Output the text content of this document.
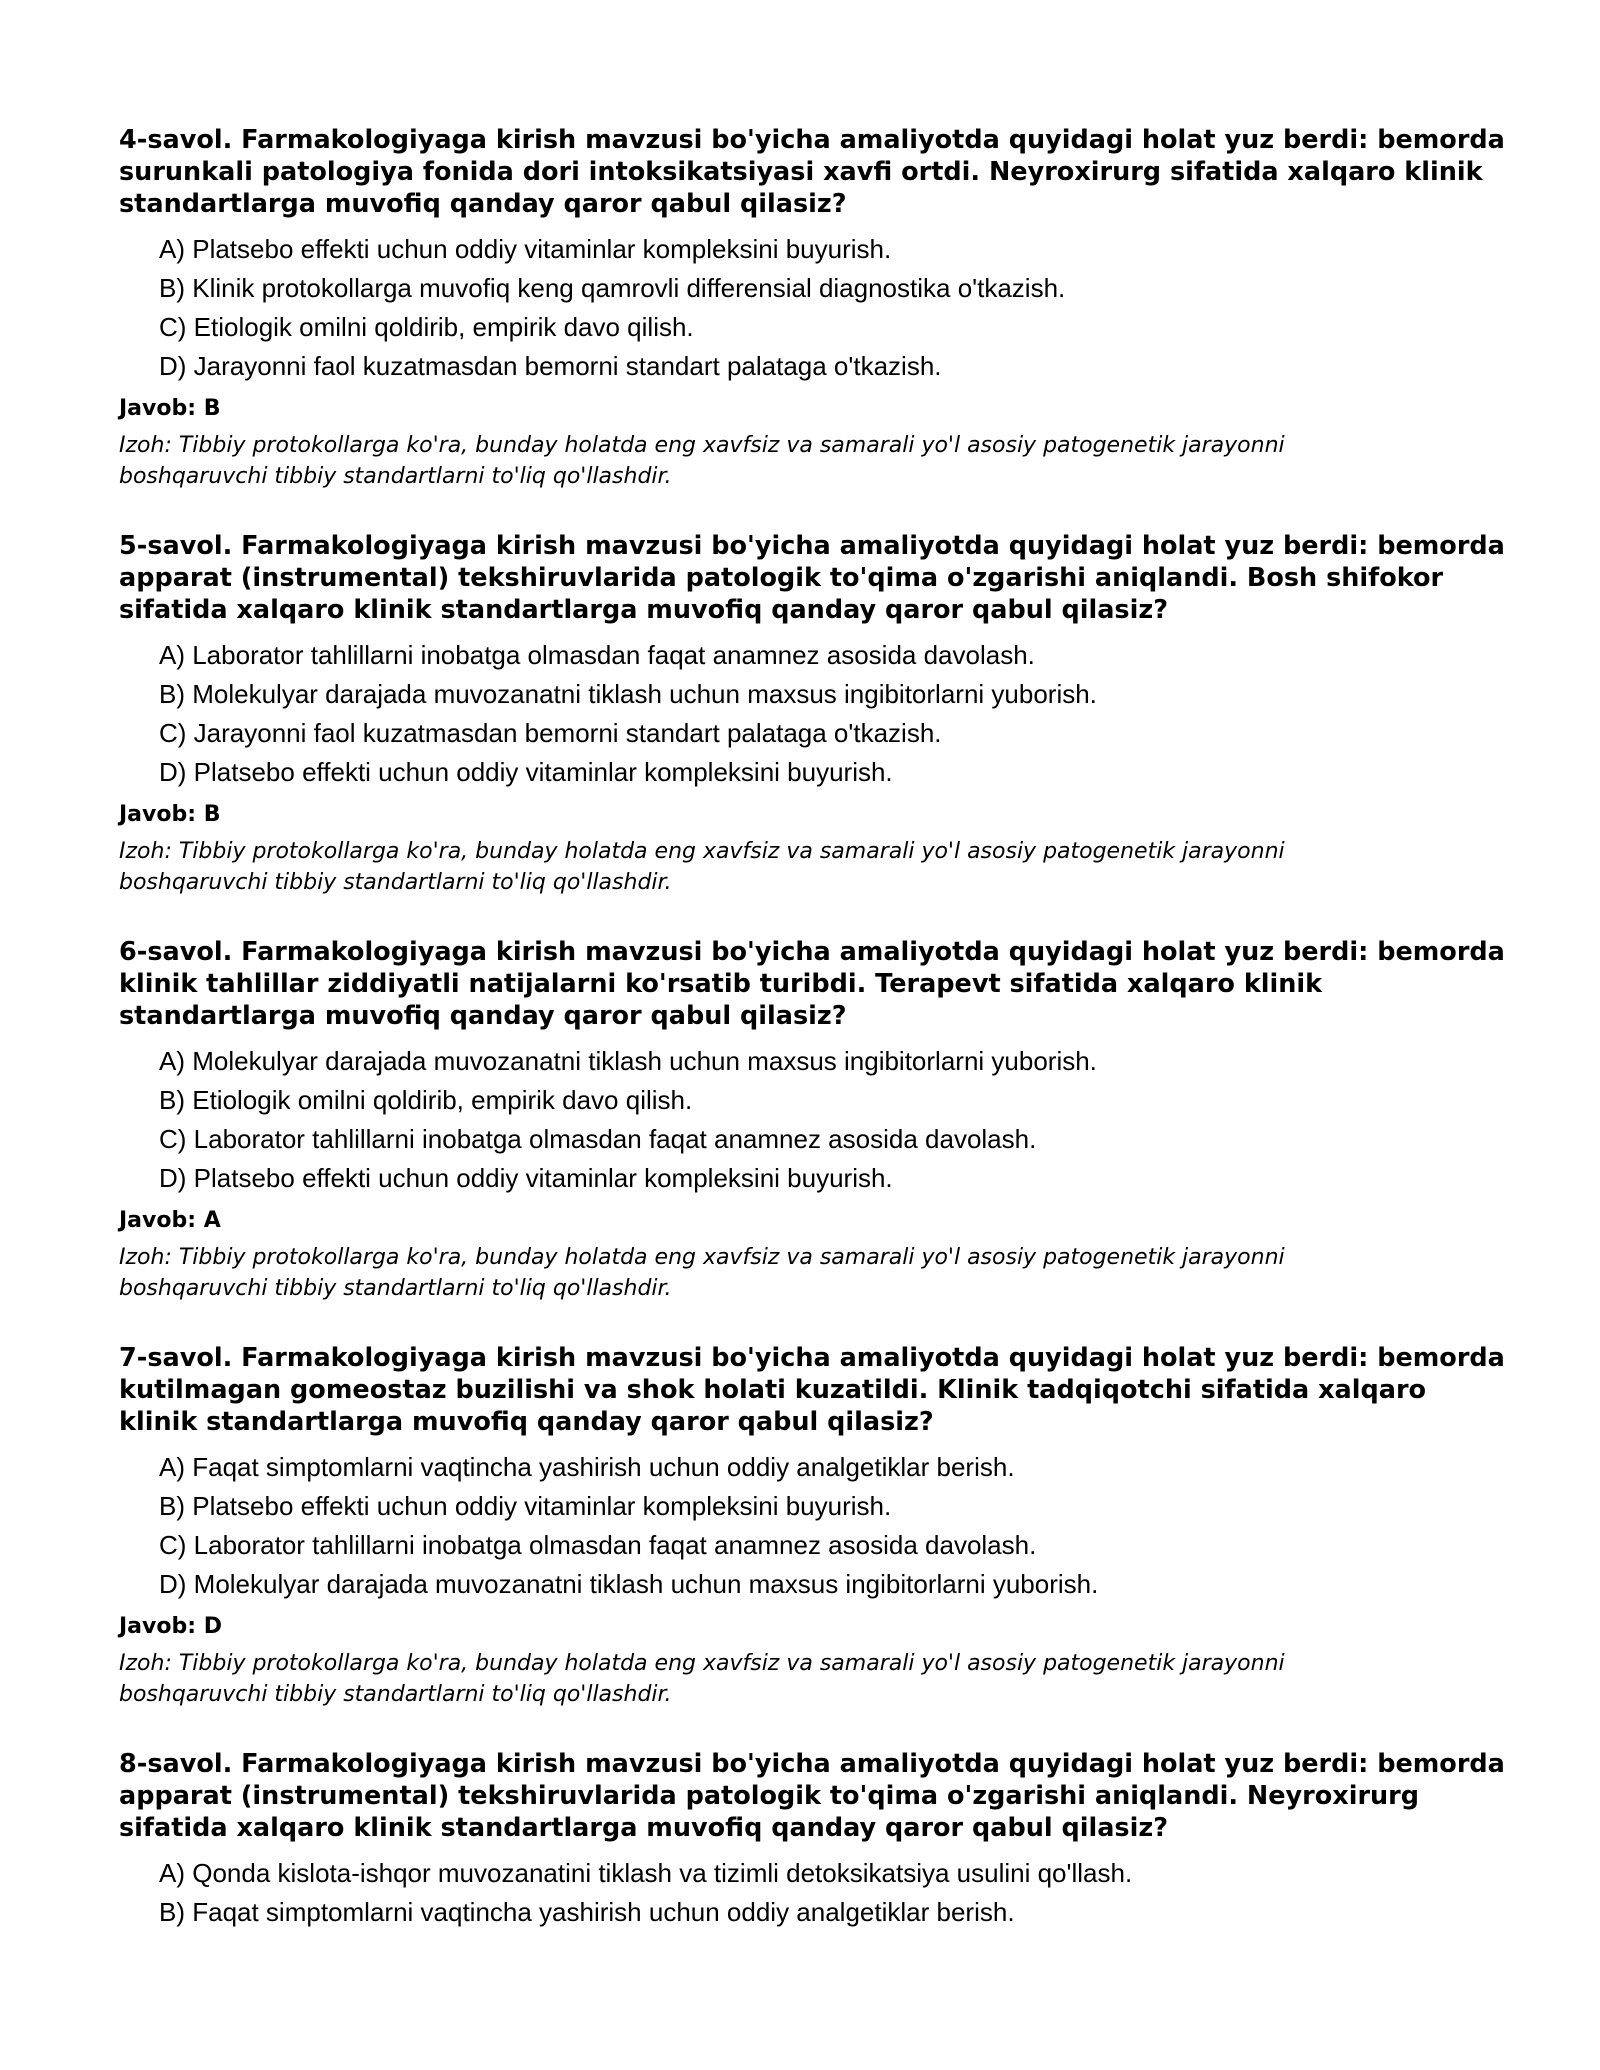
4-savol. Farmakologiyaga kirish mavzusi bo'yicha amaliyotda quyidagi holat yuz berdi: bemorda surunkali patologiya fonida dori intoksikatsiyasi xavfi ortdi. Neyroxirurg sifatida xalqaro klinik standartlarga muvofiq qanday qaror qabul qilasiz?

A) Platsebo effekti uchun oddiy vitaminlar kompleksini buyurish.
B) Klinik protokollarga muvofiq keng qamrovli differensial diagnostika o'tkazish.
C) Etiologik omilni qoldirib, empirik davo qilish.
D) Jarayonni faol kuzatmasdan bemorni standart palataga o'tkazish.

Javob: B

Izoh: Tibbiy protokollarga ko'ra, bunday holatda eng xavfsiz va samarali yo'l asosiy patogenetik jarayonni boshqaruvchi tibbiy standartlarni to'liq qo'llashdir.

5-savol. Farmakologiyaga kirish mavzusi bo'yicha amaliyotda quyidagi holat yuz berdi: bemorda apparat (instrumental) tekshiruvlarida patologik to'qima o'zgarishi aniqlandi. Bosh shifokor sifatida xalqaro klinik standartlarga muvofiq qanday qaror qabul qilasiz?

A) Laborator tahlillarni inobatga olmasdan faqat anamnez asosida davolash.
B) Molekulyar darajada muvozanatni tiklash uchun maxsus ingibitorlarni yuborish.
C) Jarayonni faol kuzatmasdan bemorni standart palataga o'tkazish.
D) Platsebo effekti uchun oddiy vitaminlar kompleksini buyurish.

Javob: B

Izoh: Tibbiy protokollarga ko'ra, bunday holatda eng xavfsiz va samarali yo'l asosiy patogenetik jarayonni boshqaruvchi tibbiy standartlarni to'liq qo'llashdir.

6-savol. Farmakologiyaga kirish mavzusi bo'yicha amaliyotda quyidagi holat yuz berdi: bemorda klinik tahlillar ziddiyatli natijalarni ko'rsatib turibdi. Terapevt sifatida xalqaro klinik standartlarga muvofiq qanday qaror qabul qilasiz?

A) Molekulyar darajada muvozanatni tiklash uchun maxsus ingibitorlarni yuborish.
B) Etiologik omilni qoldirib, empirik davo qilish.
C) Laborator tahlillarni inobatga olmasdan faqat anamnez asosida davolash.
D) Platsebo effekti uchun oddiy vitaminlar kompleksini buyurish.

Javob: A

Izoh: Tibbiy protokollarga ko'ra, bunday holatda eng xavfsiz va samarali yo'l asosiy patogenetik jarayonni boshqaruvchi tibbiy standartlarni to'liq qo'llashdir.

7-savol. Farmakologiyaga kirish mavzusi bo'yicha amaliyotda quyidagi holat yuz berdi: bemorda kutilmagan gomeostaz buzilishi va shok holati kuzatildi. Klinik tadqiqotchi sifatida xalqaro klinik standartlarga muvofiq qanday qaror qabul qilasiz?

A) Faqat simptomlarni vaqtincha yashirish uchun oddiy analgetiklar berish.
B) Platsebo effekti uchun oddiy vitaminlar kompleksini buyurish.
C) Laborator tahlillarni inobatga olmasdan faqat anamnez asosida davolash.
D) Molekulyar darajada muvozanatni tiklash uchun maxsus ingibitorlarni yuborish.

Javob: D

Izoh: Tibbiy protokollarga ko'ra, bunday holatda eng xavfsiz va samarali yo'l asosiy patogenetik jarayonni boshqaruvchi tibbiy standartlarni to'liq qo'llashdir.

8-savol. Farmakologiyaga kirish mavzusi bo'yicha amaliyotda quyidagi holat yuz berdi: bemorda apparat (instrumental) tekshiruvlarida patologik to'qima o'zgarishi aniqlandi. Neyroxirurg sifatida xalqaro klinik standartlarga muvofiq qanday qaror qabul qilasiz?

A) Qonda kislota-ishqor muvozanatini tiklash va tizimli detoksikatsiya usulini qo'llash.
B) Faqat simptomlarni vaqtincha yashirish uchun oddiy analgetiklar berish.
